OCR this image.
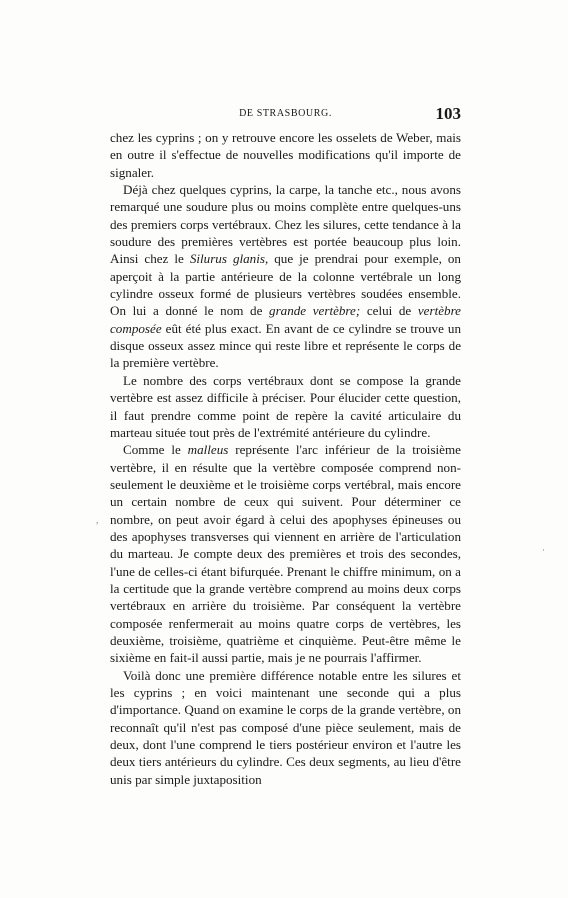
DE STRASBOURG.	103

chez les cyprins ; on y retrouve encore les osselets de Weber, mais en outre il s'effectue de nouvelles modifications qu'il importe de signaler.

Déjà chez quelques cyprins, la carpe, la tanche etc., nous avons remarqué une soudure plus ou moins complète entre quelques-uns des premiers corps vertébraux. Chez les silures, cette tendance à la soudure des premières vertèbres est portée beaucoup plus loin. Ainsi chez le Silurus glanis, que je prendrai pour exemple, on aperçoit à la partie antérieure de la colonne vertébrale un long cylindre osseux formé de plusieurs vertèbres soudées ensemble. On lui a donné le nom de grande vertèbre; celui de vertèbre composée eût été plus exact. En avant de ce cylindre se trouve un disque osseux assez mince qui reste libre et représente le corps de la première vertèbre.

Le nombre des corps vertébraux dont se compose la grande vertèbre est assez difficile à préciser. Pour élucider cette question, il faut prendre comme point de repère la cavité articulaire du marteau située tout près de l'extrémité antérieure du cylindre.

Comme le malleus représente l'arc inférieur de la troisième vertèbre, il en résulte que la vertèbre composée comprend non-seulement le deuxième et le troisième corps vertébral, mais encore un certain nombre de ceux qui suivent. Pour déterminer ce nombre, on peut avoir égard à celui des apophyses épineuses ou des apophyses transverses qui viennent en arrière de l'articulation du marteau. Je compte deux des premières et trois des secondes, l'une de celles-ci étant bifurquée. Prenant le chiffre minimum, on a la certitude que la grande vertèbre comprend au moins deux corps vertébraux en arrière du troisième. Par conséquent la vertèbre composée renfermerait au moins quatre corps de vertèbres, les deuxième, troisième, quatrième et cinquième. Peut-être même le sixième en fait-il aussi partie, mais je ne pourrais l'affirmer.

Voilà donc une première différence notable entre les silures et les cyprins ; en voici maintenant une seconde qui a plus d'importance. Quand on examine le corps de la grande vertèbre, on reconnaît qu'il n'est pas composé d'une pièce seulement, mais de deux, dont l'une comprend le tiers postérieur environ et l'autre les deux tiers antérieurs du cylindre. Ces deux segments, au lieu d'être unis par simple juxtaposition

·
,
